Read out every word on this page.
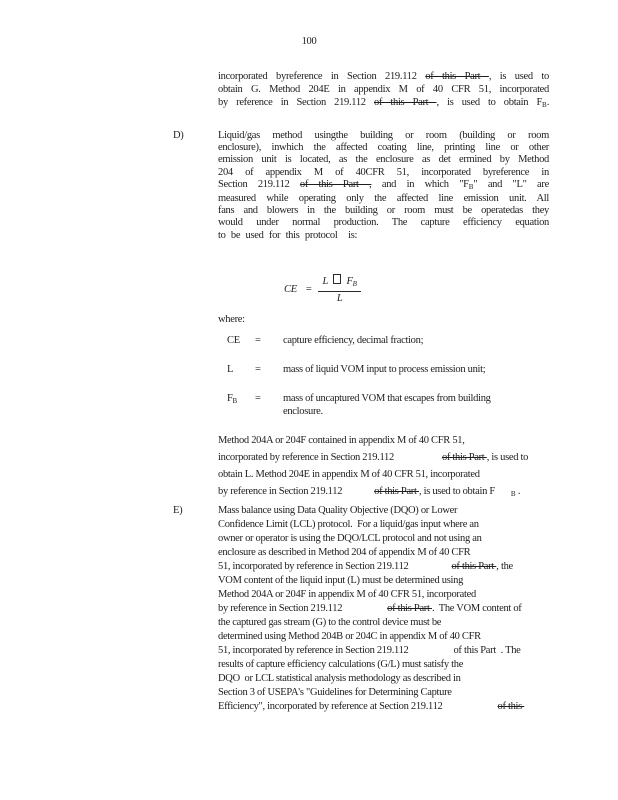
100
incorporated byreference in Section 219.112 of this Part , is used to
obtain G. Method 204E in appendix M of 40 CFR 51, incorporated
by reference in Section 219.112 of this Part , is used to obtain $F_B$.
D)	Liquid/gas method usingthe building or room (building or room
enclosure), inwhich the affected coating line, printing line or other
emission unit is located, as the enclosure as det ermined by Method
204 of appendix M of 40CFR 51, incorporated byreference in
Section 219.112 of this Part , and in which "$F_B$" and "L" are
measured while operating only the affected line emission unit. All
fans and blowers in the building or room must be operatedas they
would under normal production. The capture efficiency equation
to be used for this protocol  is:
CE = $\frac{L F_B}{L}$
where:
CE	=	capture efficiency, decimal fraction;
L	=	mass of liquid VOM input to process emission unit;
$F_B$	=	mass of uncaptured VOM that escapes from building
enclosure.
Method 204A or 204F contained in appendix M of 40 CFR 51,
incorporated by reference in Section 219.112	of this Part , is used to
obtain L. Method 204E in appendix M of 40 CFR 51, incorporated
by reference in Section 219.112	of this Part , is used to obtain F $_B$ .
E)	Mass balance using Data Quality Objective (DQO) or Lower
Confidence Limit (LCL) protocol.  For a liquid/gas input where an
owner or operator is using the DQO/LCL protocol and not using an
enclosure as described in Method 204 of appendix M of 40 CFR
51, incorporated by reference in Section 219.112	of this Part , the
VOM content of the liquid input (L) must be determined using
Method 204A or 204F in appendix M of 40 CFR 51, incorporated
by reference in Section 219.112	of this Part .  The VOM content of
the captured gas stream (G) to the control device must be
determined using Method 204B or 204C in appendix M of 40 CFR
51, incorporated by reference in Section 219.112	of this Part  . The
results of capture efficiency calculations (G/L) must satisfy the
DQO  or LCL statistical analysis methodology as described in
Section 3 of USEPA's "Guidelines for Determining Capture
Efficiency", incorporated by reference at Section 219.112	of this
